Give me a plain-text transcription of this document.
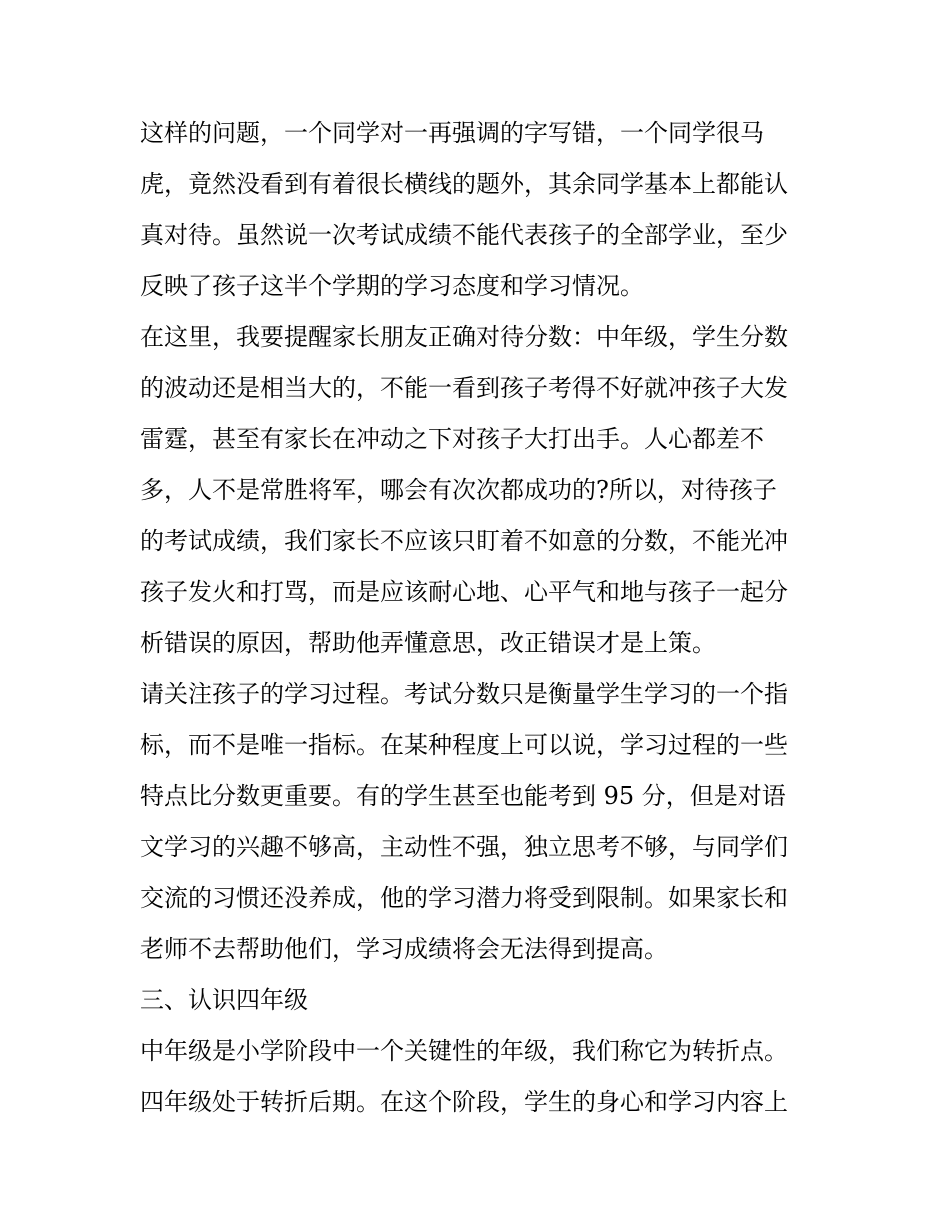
这样的问题，一个同学对一再强调的字写错，一个同学很马
虎，竟然没看到有着很长横线的题外，其余同学基本上都能认
真对待。虽然说一次考试成绩不能代表孩子的全部学业，至少
反映了孩子这半个学期的学习态度和学习情况。
在这里，我要提醒家长朋友正确对待分数：中年级，学生分数
的波动还是相当大的，不能一看到孩子考得不好就冲孩子大发
雷霆，甚至有家长在冲动之下对孩子大打出手。人心都差不
多，人不是常胜将军，哪会有次次都成功的?所以，对待孩子
的考试成绩，我们家长不应该只盯着不如意的分数，不能光冲
孩子发火和打骂，而是应该耐心地、心平气和地与孩子一起分
析错误的原因，帮助他弄懂意思，改正错误才是上策。
请关注孩子的学习过程。考试分数只是衡量学生学习的一个指
标，而不是唯一指标。在某种程度上可以说，学习过程的一些
特点比分数更重要。有的学生甚至也能考到 95 分，但是对语
文学习的兴趣不够高，主动性不强，独立思考不够，与同学们
交流的习惯还没养成，他的学习潜力将受到限制。如果家长和
老师不去帮助他们，学习成绩将会无法得到提高。
三、认识四年级
中年级是小学阶段中一个关键性的年级，我们称它为转折点。
四年级处于转折后期。在这个阶段，学生的身心和学习内容上
